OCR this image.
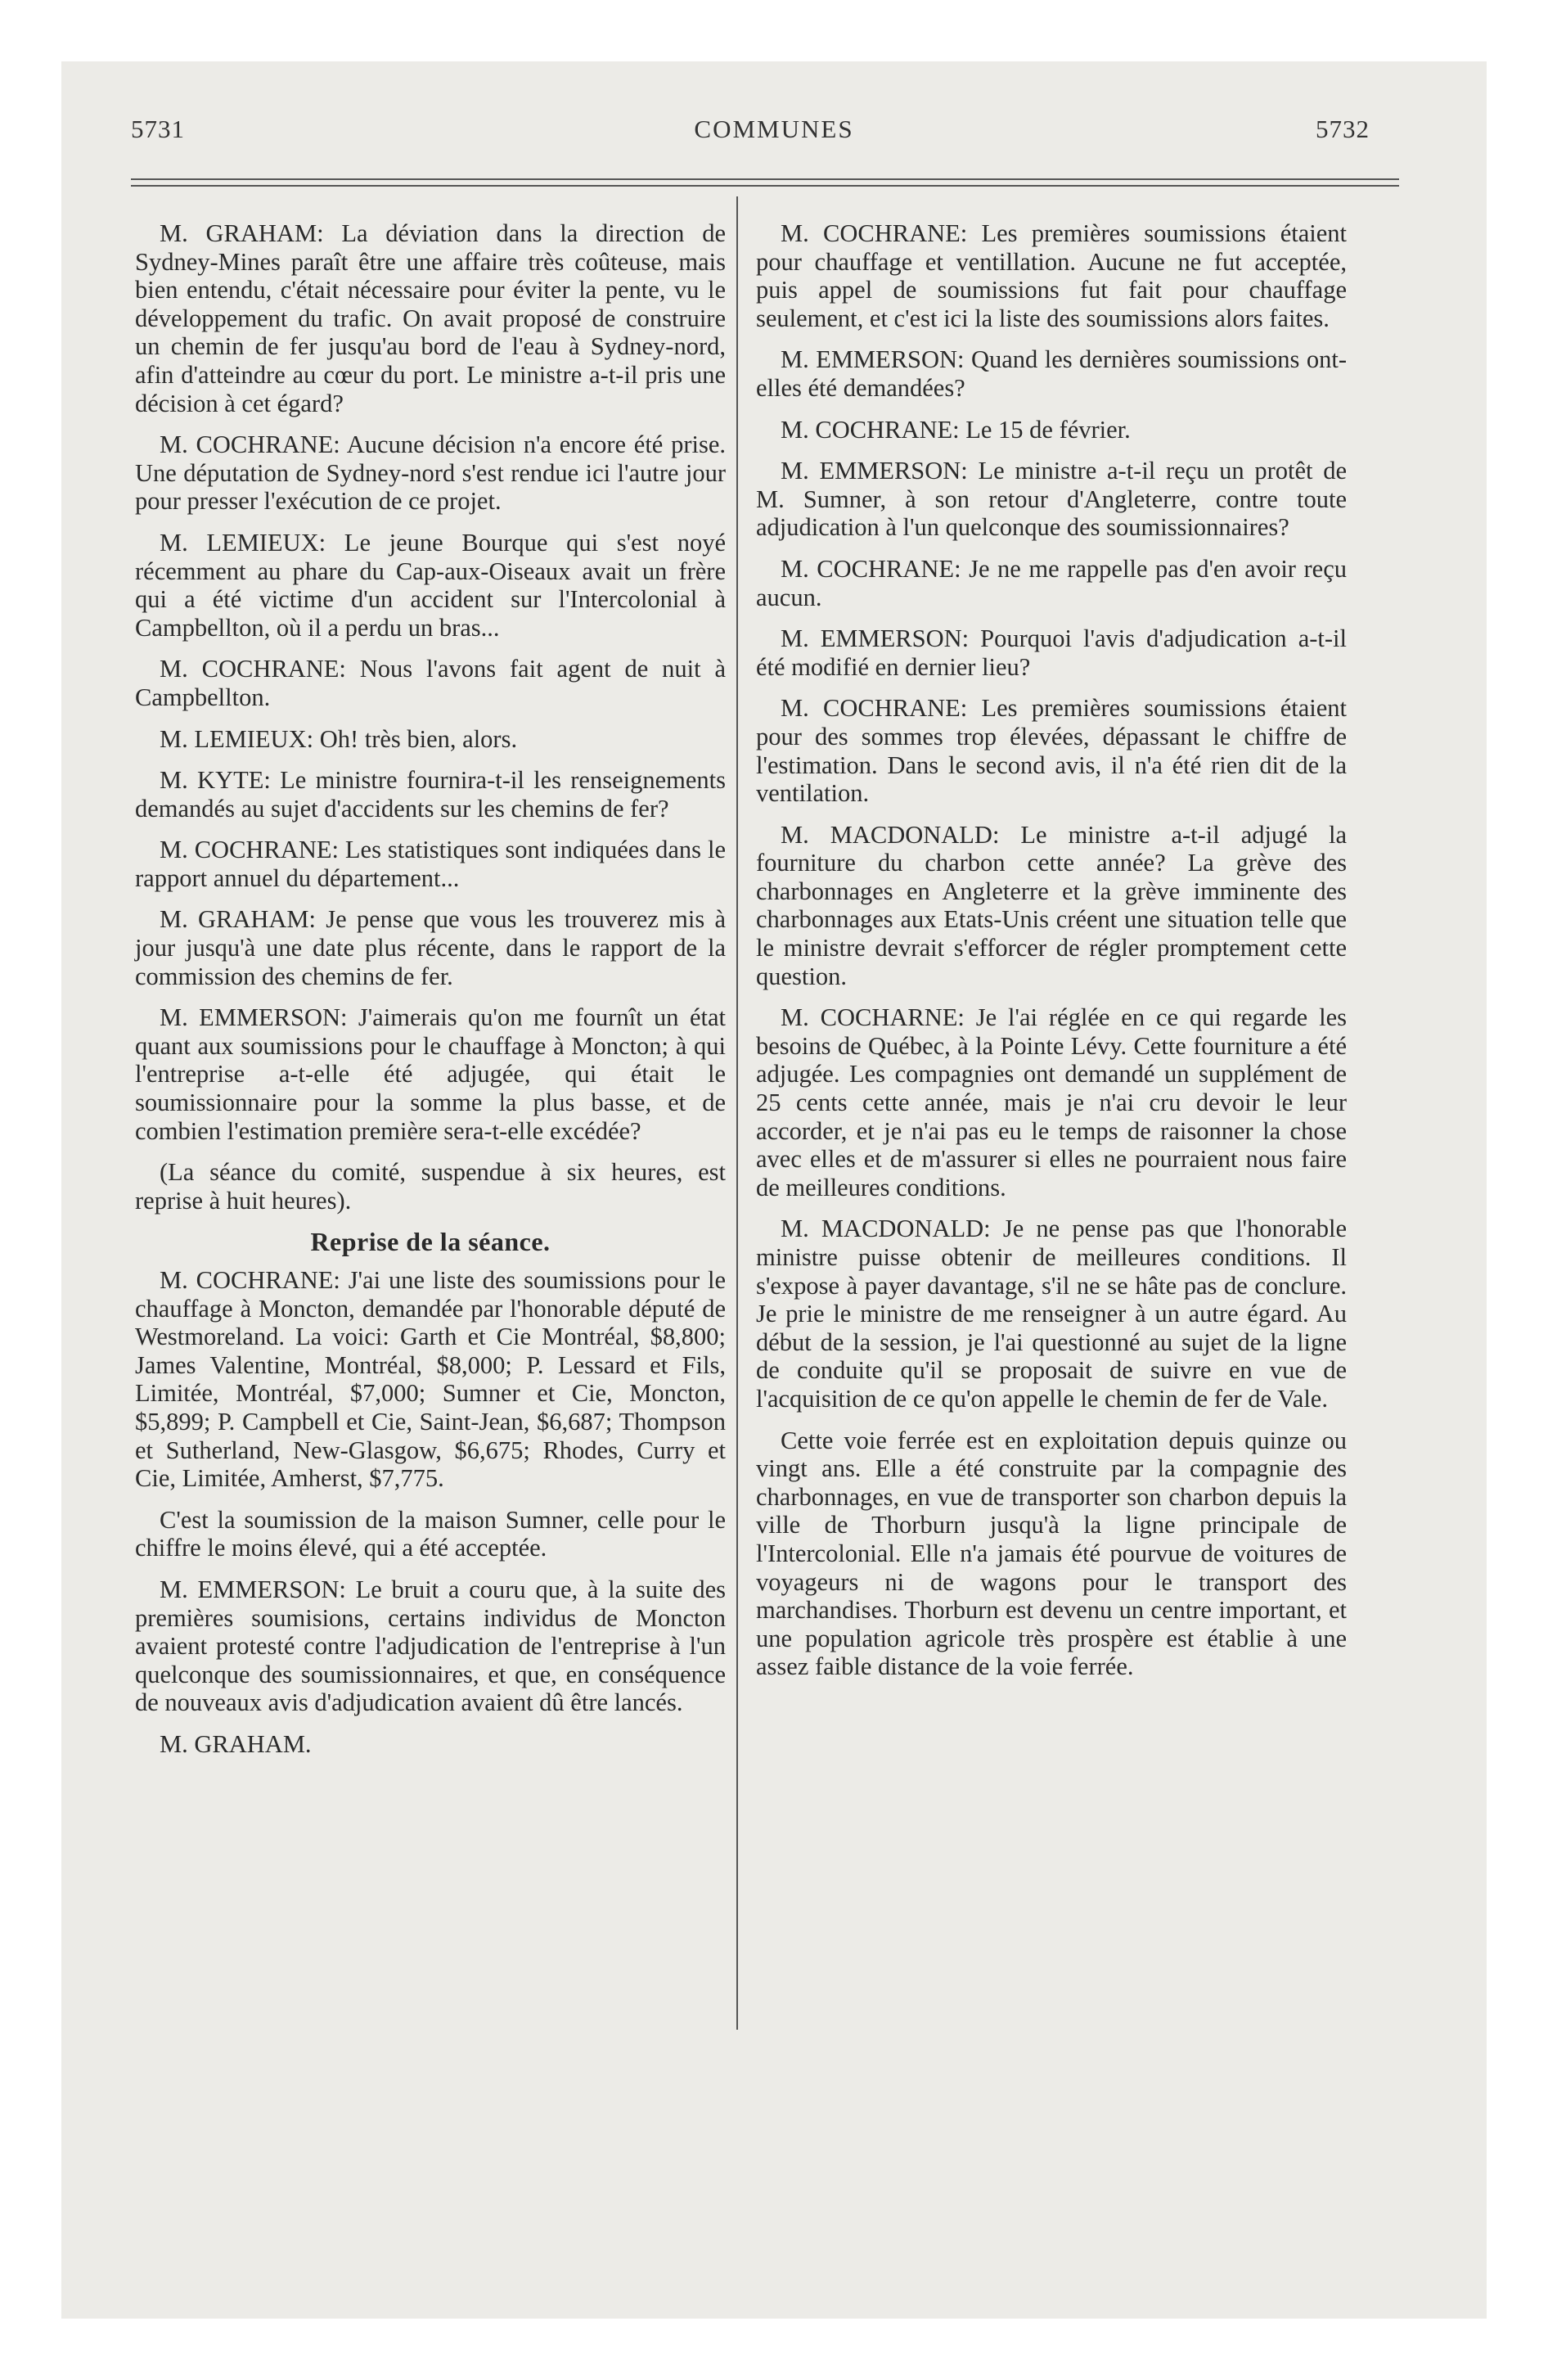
5731	COMMUNES	5732

M. GRAHAM: La déviation dans la direction de Sydney-Mines paraît être une affaire très coûteuse, mais bien entendu, c'était nécessaire pour éviter la pente, vu le développement du trafic. On avait proposé de construire un chemin de fer jusqu'au bord de l'eau à Sydney-nord, afin d'atteindre au cœur du port. Le ministre a-t-il pris une décision à cet égard?

M. COCHRANE: Aucune décision n'a encore été prise. Une députation de Sydney-nord s'est rendue ici l'autre jour pour presser l'exécution de ce projet.

M. LEMIEUX: Le jeune Bourque qui s'est noyé récemment au phare du Cap-aux-Oiseaux avait un frère qui a été victime d'un accident sur l'Intercolonial à Campbellton, où il a perdu un bras...

M. COCHRANE: Nous l'avons fait agent de nuit à Campbellton.

M. LEMIEUX: Oh! très bien, alors.

M. KYTE: Le ministre fournira-t-il les renseignements demandés au sujet d'accidents sur les chemins de fer?

M. COCHRANE: Les statistiques sont indiquées dans le rapport annuel du département...

M. GRAHAM: Je pense que vous les trouverez mis à jour jusqu'à une date plus récente, dans le rapport de la commission des chemins de fer.

M. EMMERSON: J'aimerais qu'on me fournît un état quant aux soumissions pour le chauffage à Moncton; à qui l'entreprise a-t-elle été adjugée, qui était le soumissionnaire pour la somme la plus basse, et de combien l'estimation première sera-t-elle excédée?

(La séance du comité, suspendue à six heures, est reprise à huit heures).

Reprise de la séance.

M. COCHRANE: J'ai une liste des soumissions pour le chauffage à Moncton, demandée par l'honorable député de Westmoreland. La voici: Garth et Cie Montréal, $8,800; James Valentine, Montréal, $8,000; P. Lessard et Fils, Limitée, Montréal, $7,000; Sumner et Cie, Moncton, $5,899; P. Campbell et Cie, Saint-Jean, $6,687; Thompson et Sutherland, New-Glasgow, $6,675; Rhodes, Curry et Cie, Limitée, Amherst, $7,775.

C'est la soumission de la maison Sumner, celle pour le chiffre le moins élevé, qui a été acceptée.

M. EMMERSON: Le bruit a couru que, à la suite des premières soumisions, certains individus de Moncton avaient protesté contre l'adjudication de l'entreprise à l'un quelconque des soumissionnaires, et que, en conséquence de nouveaux avis d'adjudication avaient dû être lancés.

M. GRAHAM.

M. COCHRANE: Les premières soumissions étaient pour chauffage et ventillation. Aucune ne fut acceptée, puis appel de soumissions fut fait pour chauffage seulement, et c'est ici la liste des soumissions alors faites.

M. EMMERSON: Quand les dernières soumissions ont-elles été demandées?

M. COCHRANE: Le 15 de février.

M. EMMERSON: Le ministre a-t-il reçu un protêt de M. Sumner, à son retour d'Angleterre, contre toute adjudication à l'un quelconque des soumissionnaires?

M. COCHRANE: Je ne me rappelle pas d'en avoir reçu aucun.

M. EMMERSON: Pourquoi l'avis d'adjudication a-t-il été modifié en dernier lieu?

M. COCHRANE: Les premières soumissions étaient pour des sommes trop élevées, dépassant le chiffre de l'estimation. Dans le second avis, il n'a été rien dit de la ventilation.

M. MACDONALD: Le ministre a-t-il adjugé la fourniture du charbon cette année? La grève des charbonnages en Angleterre et la grève imminente des charbonnages aux Etats-Unis créent une situation telle que le ministre devrait s'efforcer de régler promptement cette question.

M. COCHARNE: Je l'ai réglée en ce qui regarde les besoins de Québec, à la Pointe Lévy. Cette fourniture a été adjugée. Les compagnies ont demandé un supplément de 25 cents cette année, mais je n'ai cru devoir le leur accorder, et je n'ai pas eu le temps de raisonner la chose avec elles et de m'assurer si elles ne pourraient nous faire de meilleures conditions.

M. MACDONALD: Je ne pense pas que l'honorable ministre puisse obtenir de meilleures conditions. Il s'expose à payer davantage, s'il ne se hâte pas de conclure. Je prie le ministre de me renseigner à un autre égard. Au début de la session, je l'ai questionné au sujet de la ligne de conduite qu'il se proposait de suivre en vue de l'acquisition de ce qu'on appelle le chemin de fer de Vale.

Cette voie ferrée est en exploitation depuis quinze ou vingt ans. Elle a été construite par la compagnie des charbonnages, en vue de transporter son charbon depuis la ville de Thorburn jusqu'à la ligne principale de l'Intercolonial. Elle n'a jamais été pourvue de voitures de voyageurs ni de wagons pour le transport des marchandises. Thorburn est devenu un centre important, et une population agricole très prospère est établie à une assez faible distance de la voie ferrée.
